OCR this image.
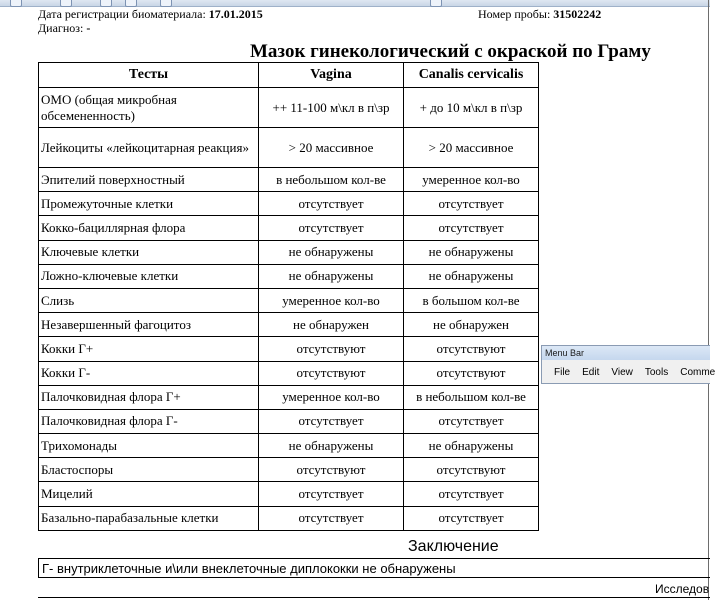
Дата регистрации биоматериала: 17.01.2015	Номер пробы: 31502242
Диагноз: -
Мазок гинекологический с окраской по Граму
Тесты	Vagina	Canalis cervicalis
ОМО (общая микробная обсемененность)	++ 11-100 м\кл в п\зр	+ до 10 м\кл в п\зр
Лейкоциты «лейкоцитарная реакция»	> 20 массивное	> 20 массивное
Эпителий поверхностный	в небольшом кол-ве	умеренное кол-во
Промежуточные клетки	отсутствует	отсутствует
Кокко-бациллярная флора	отсутствует	отсутствует
Ключевые клетки	не обнаружены	не обнаружены
Ложно-ключевые клетки	не обнаружены	не обнаружены
Слизь	умеренное кол-во	в большом кол-ве
Незавершенный фагоцитоз	не обнаружен	не обнаружен
Кокки Г+	отсутствуют	отсутствуют
Кокки Г-	отсутствуют	отсутствуют
Палочковидная флора Г+	умеренное кол-во	в небольшом кол-ве
Палочковидная флора Г-	отсутствует	отсутствует
Трихомонады	не обнаружены	не обнаружены
Бластоспоры	отсутствуют	отсутствуют
Мицелий	отсутствует	отсутствует
Базально-парабазальные клетки	отсутствует	отсутствует
Заключение
Г- внутриклеточные и\или внеклеточные диплококки не обнаружены
Исследов
Menu Bar
File	Edit	View	Tools	Comme
